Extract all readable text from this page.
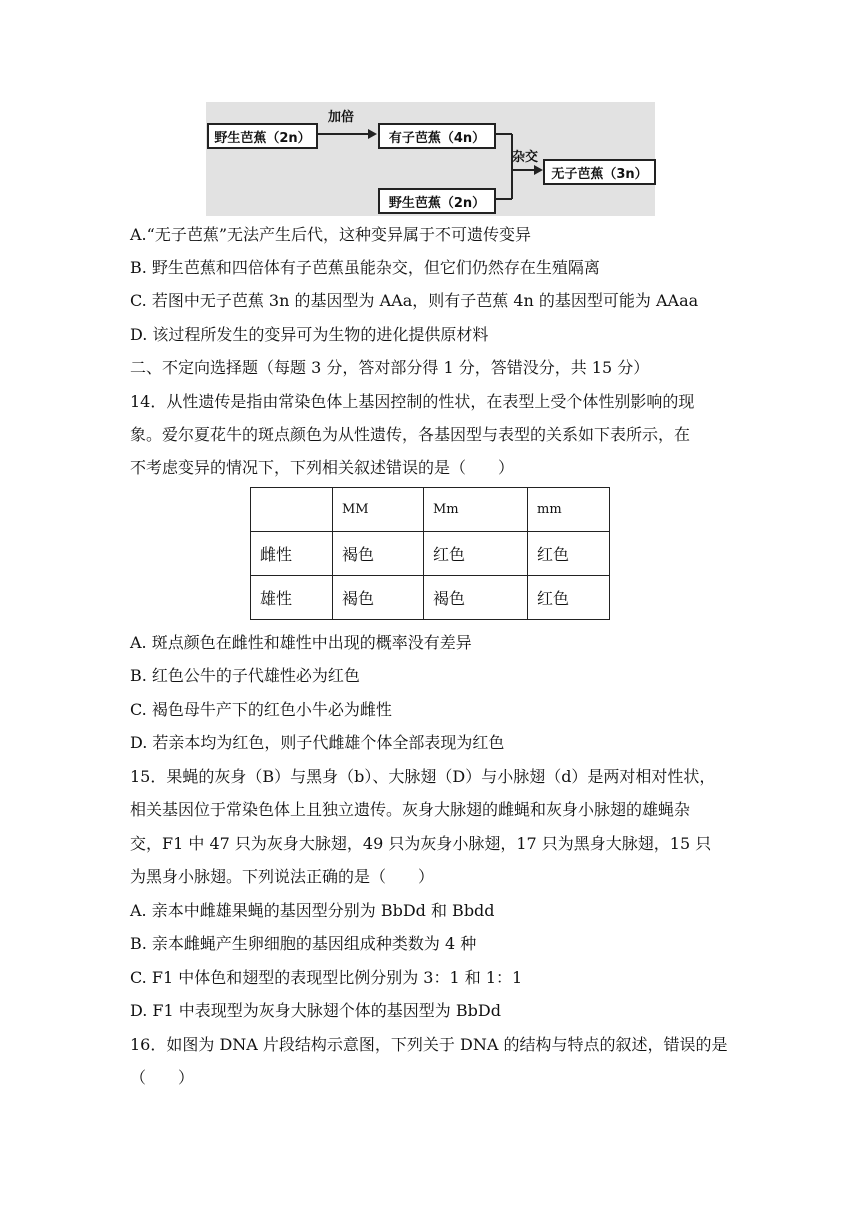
野生芭蕉（2n）
加倍
有子芭蕉（4n）
野生芭蕉（2n）
杂交
无子芭蕉（3n）
A.“无子芭蕉”无法产生后代，这种变异属于不可遗传变异
B. 野生芭蕉和四倍体有子芭蕉虽能杂交，但它们仍然存在生殖隔离
C. 若图中无子芭蕉 3n 的基因型为 AAa，则有子芭蕉 4n 的基因型可能为 AAaa
D. 该过程所发生的变异可为生物的进化提供原材料
二、不定向选择题（每题 3 分，答对部分得 1 分，答错没分，共 15 分）
14．从性遗传是指由常染色体上基因控制的性状，在表型上受个体性别影响的现
象。爱尔夏花牛的斑点颜色为从性遗传，各基因型与表型的关系如下表所示，在
不考虑变异的情况下，下列相关叙述错误的是（　　）
	MM	Mm	mm
雌性	褐色	红色	红色
雄性	褐色	褐色	红色
A. 斑点颜色在雌性和雄性中出现的概率没有差异
B. 红色公牛的子代雄性必为红色
C. 褐色母牛产下的红色小牛必为雌性
D. 若亲本均为红色，则子代雌雄个体全部表现为红色
15．果蝇的灰身（B）与黑身（b）、大脉翅（D）与小脉翅（d）是两对相对性状，
相关基因位于常染色体上且独立遗传。灰身大脉翅的雌蝇和灰身小脉翅的雄蝇杂
交，F1 中 47 只为灰身大脉翅，49 只为灰身小脉翅，17 只为黑身大脉翅，15 只
为黑身小脉翅。下列说法正确的是（　　）
A. 亲本中雌雄果蝇的基因型分别为 BbDd 和 Bbdd
B. 亲本雌蝇产生卵细胞的基因组成种类数为 4 种
C. F1 中体色和翅型的表现型比例分别为 3：1 和 1：1
D. F1 中表现型为灰身大脉翅个体的基因型为 BbDd
16．如图为 DNA 片段结构示意图，下列关于 DNA 的结构与特点的叙述，错误的是
（　　）
